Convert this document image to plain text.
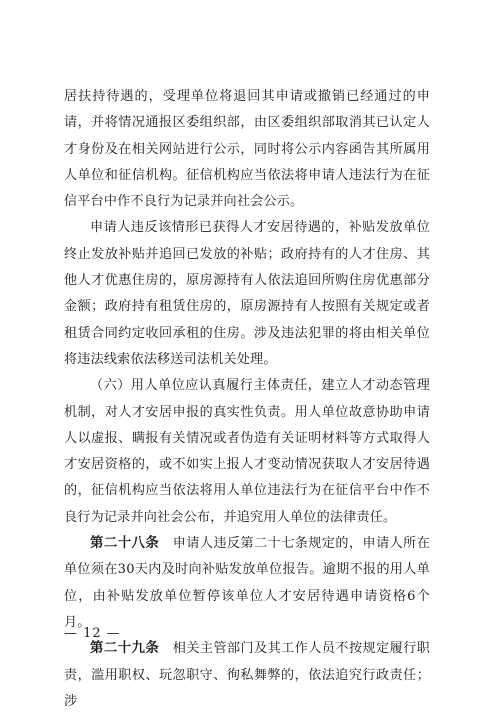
居扶持待遇的，受理单位将退回其申请或撤销已经通过的申请，并将情况通报区委组织部，由区委组织部取消其已认定人才身份及在相关网站进行公示，同时将公示内容函告其所属用人单位和征信机构。征信机构应当依法将申请人违法行为在征信平台中作不良行为记录并向社会公示。

申请人违反该情形已获得人才安居待遇的，补贴发放单位终止发放补贴并追回已发放的补贴；政府持有的人才住房、其他人才优惠住房的，原房源持有人依法追回所购住房优惠部分金额；政府持有租赁住房的，原房源持有人按照有关规定或者租赁合同约定收回承租的住房。涉及违法犯罪的将由相关单位将违法线索依法移送司法机关处理。

（六）用人单位应认真履行主体责任，建立人才动态管理机制，对人才安居申报的真实性负责。用人单位故意协助申请人以虚报、瞒报有关情况或者伪造有关证明材料等方式取得人才安居资格的，或不如实上报人才变动情况获取人才安居待遇的，征信机构应当依法将用人单位违法行为在征信平台中作不良行为记录并向社会公布，并追究用人单位的法律责任。

第二十八条　申请人违反第二十七条规定的，申请人所在单位须在30天内及时向补贴发放单位报告。逾期不报的用人单位，由补贴发放单位暂停该单位人才安居待遇申请资格6个月。

第二十九条　相关主管部门及其工作人员不按规定履行职责，滥用职权、玩忽职守、徇私舞弊的，依法追究行政责任；涉

— 12 —
